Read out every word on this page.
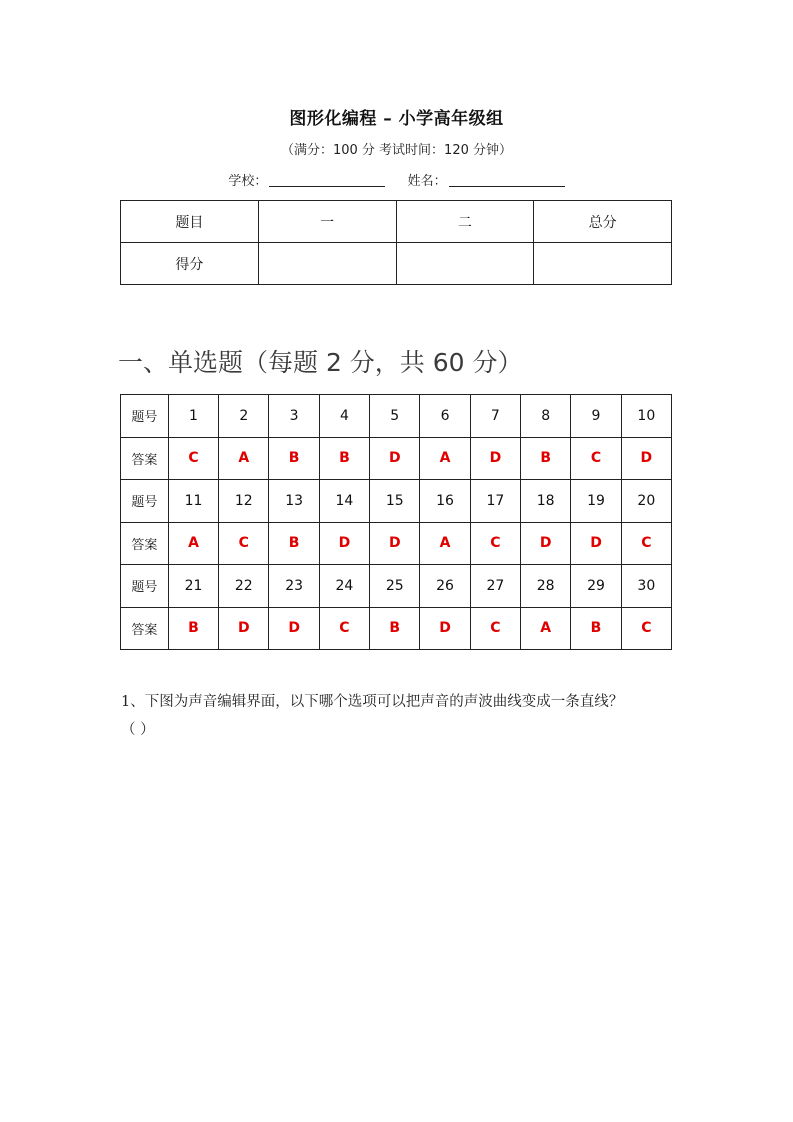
图形化编程 – 小学高年级组
（满分：100 分 考试时间：120 分钟）
学校：	姓名：
题目	一	二	总分
得分			
一、单选题（每题 2 分，共 60 分）
题号	1	2	3	4	5	6	7	8	9	10
答案	C	A	B	B	D	A	D	B	C	D
题号	11	12	13	14	15	16	17	18	19	20
答案	A	C	B	D	D	A	C	D	D	C
题号	21	22	23	24	25	26	27	28	29	30
答案	B	D	D	C	B	D	C	A	B	C
1、下图为声音编辑界面，以下哪个选项可以把声音的声波曲线变成一条直线？
（ ）
